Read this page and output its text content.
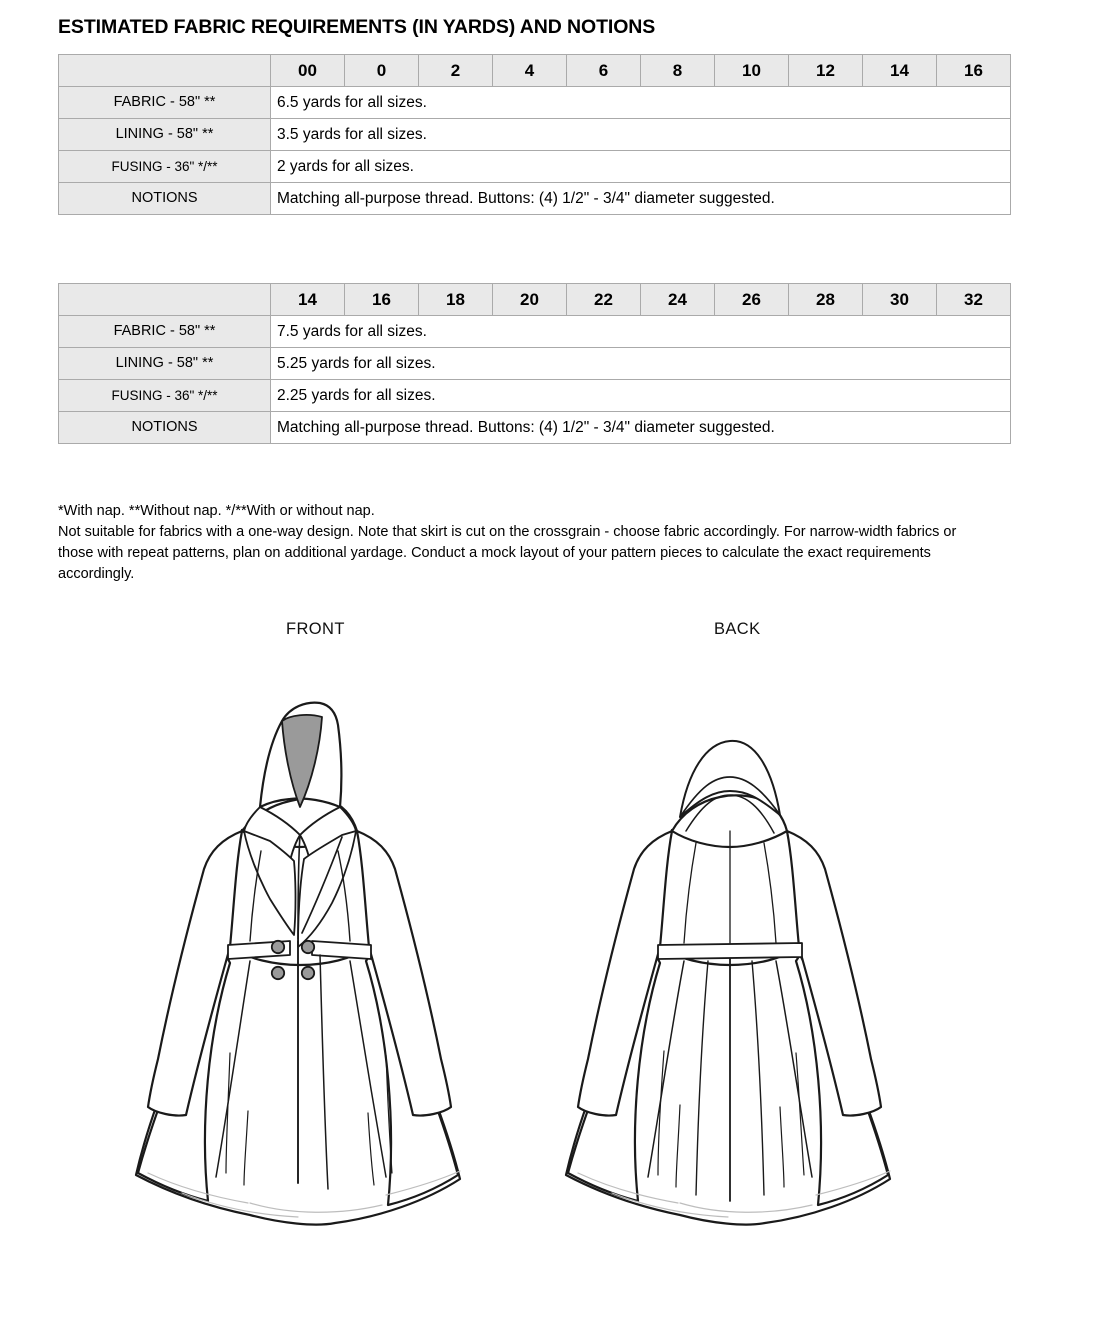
ESTIMATED FABRIC REQUIREMENTS (IN YARDS) AND NOTIONS
	00	0	2	4	6	8	10	12	14	16
FABRIC - 58" **	6.5 yards for all sizes.									
LINING - 58" **	3.5 yards for all sizes.									
FUSING - 36" */**	2 yards for all sizes.									
NOTIONS	Matching all-purpose thread. Buttons: (4) 1/2" - 3/4" diameter suggested.									
	14	16	18	20	22	24	26	28	30	32
FABRIC - 58" **	7.5 yards for all sizes.									
LINING - 58" **	5.25 yards for all sizes.									
FUSING - 36" */**	2.25 yards for all sizes.									
NOTIONS	Matching all-purpose thread. Buttons: (4) 1/2" - 3/4" diameter suggested.									
*With nap. **Without nap. */**With or without nap.
Not suitable for fabrics with a one-way design. Note that skirt is cut on the crossgrain - choose fabric accordingly. For narrow-width fabrics or those with repeat patterns, plan on additional yardage. Conduct a mock layout of your pattern pieces to calculate the exact requirements accordingly.
FRONT	BACK
